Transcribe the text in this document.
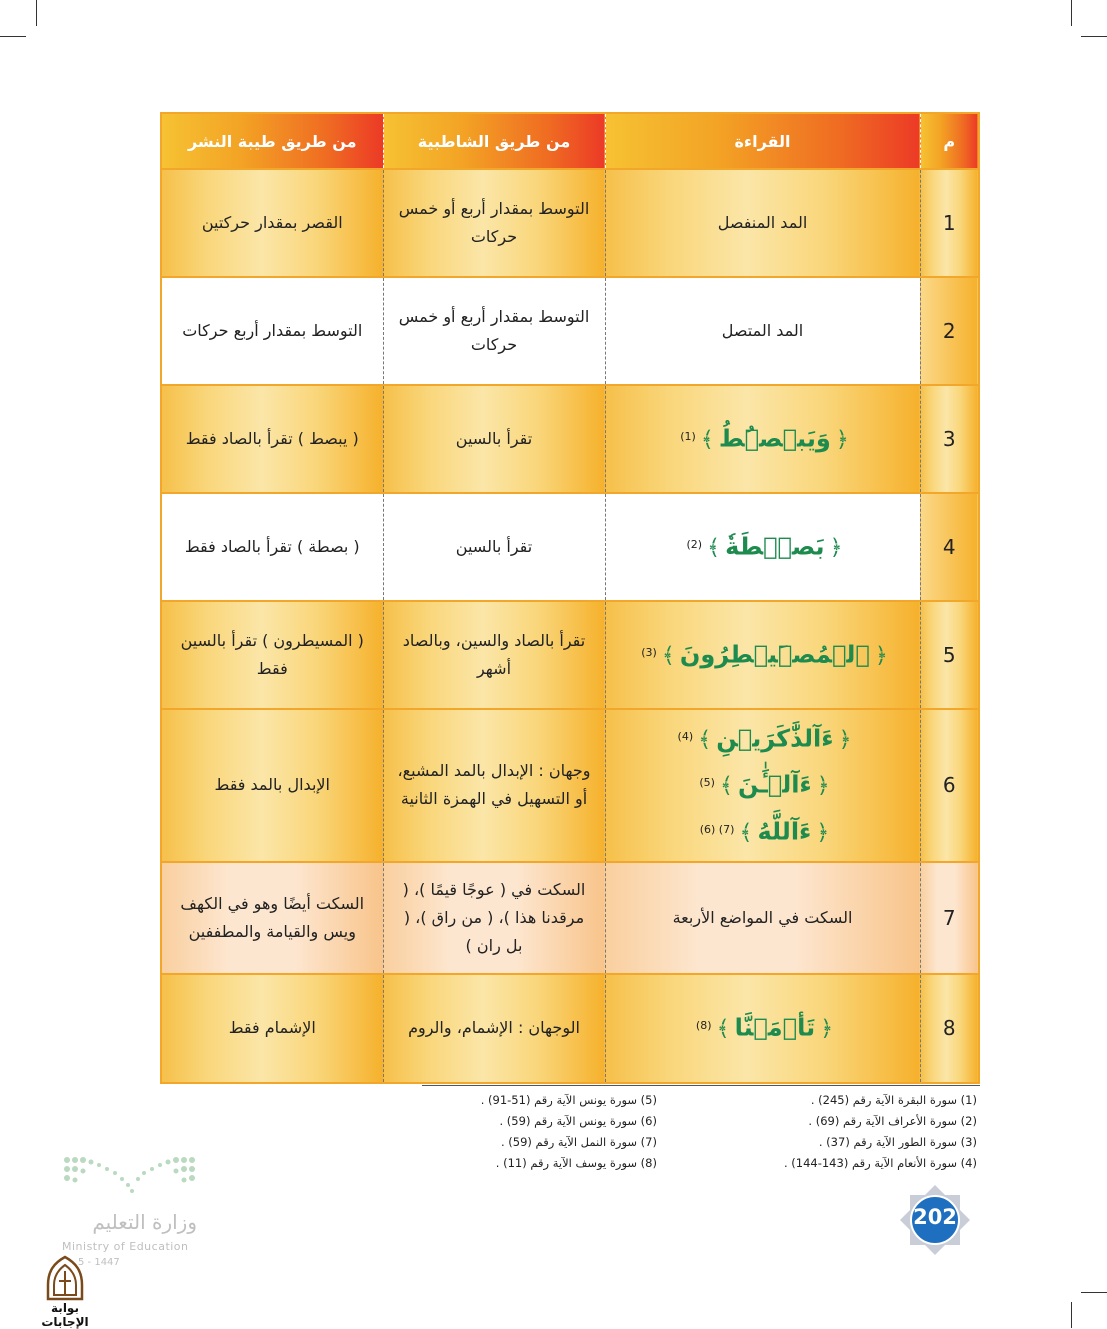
م	القراءة	من طريق الشاطبية	من طريق طيبة النشر
1	المد المنفصل	التوسط بمقدار أربع أو خمس حركات	القصر بمقدار حركتين
2	المد المتصل	التوسط بمقدار أربع أو خمس حركات	التوسط بمقدار أربع حركات
3	﴿ وَيَبۡصُۜطُ ﴾ $^{(1)}$	تقرأ بالسين	( يبصط ) تقرأ بالصاد فقط
4	﴿ بَصۜۡطَةٗ ﴾ $^{(2)}$	تقرأ بالسين	( بصطة ) تقرأ بالصاد فقط
5	﴿ ٱلۡمُصَۜيۡطِرُونَ ﴾ $^{(3)}$	تقرأ بالصاد والسين، وبالصاد أشهر	( المسيطرون ) تقرأ بالسين فقط
6	﴿ ءَآلذَّٰكَرَيۡنِ ﴾ $^{(4)}$
﴿ ءَآلۡـَٰٔنَ ﴾ $^{(5)}$
﴿ ءَآللَّهُ ﴾ $^{(7) (6)}$	وجهان : الإبدال بالمد المشبع، أو التسهيل في الهمزة الثانية	الإبدال بالمد فقط
7	السكت في المواضع الأربعة	السكت في ( عوجًا قيمًا )، ( مرقدنا هذا )، ( من راق )، ( بل ران )	السكت أيضًا وهو في الكهف ويس والقيامة والمطففين
8	﴿ تَأۡمَ۫نَّا ﴾ $^{(8)}$	الوجهان : الإشمام، والروم	الإشمام فقط
(1) سورة البقرة الآية رقم (245) .
(2) سورة الأعراف الآية رقم (69) .
(3) سورة الطور الآية رقم (37) .
(4) سورة الأنعام الآية رقم (143-144) .
(5) سورة يونس الآية رقم (51-91) .
(6) سورة يونس الآية رقم (59) .
(7) سورة النمل الآية رقم (59) .
(8) سورة يوسف الآية رقم (11) .
202
وزارة التعليم
Ministry of Education
5 - 1447
بوابة الإجابات
